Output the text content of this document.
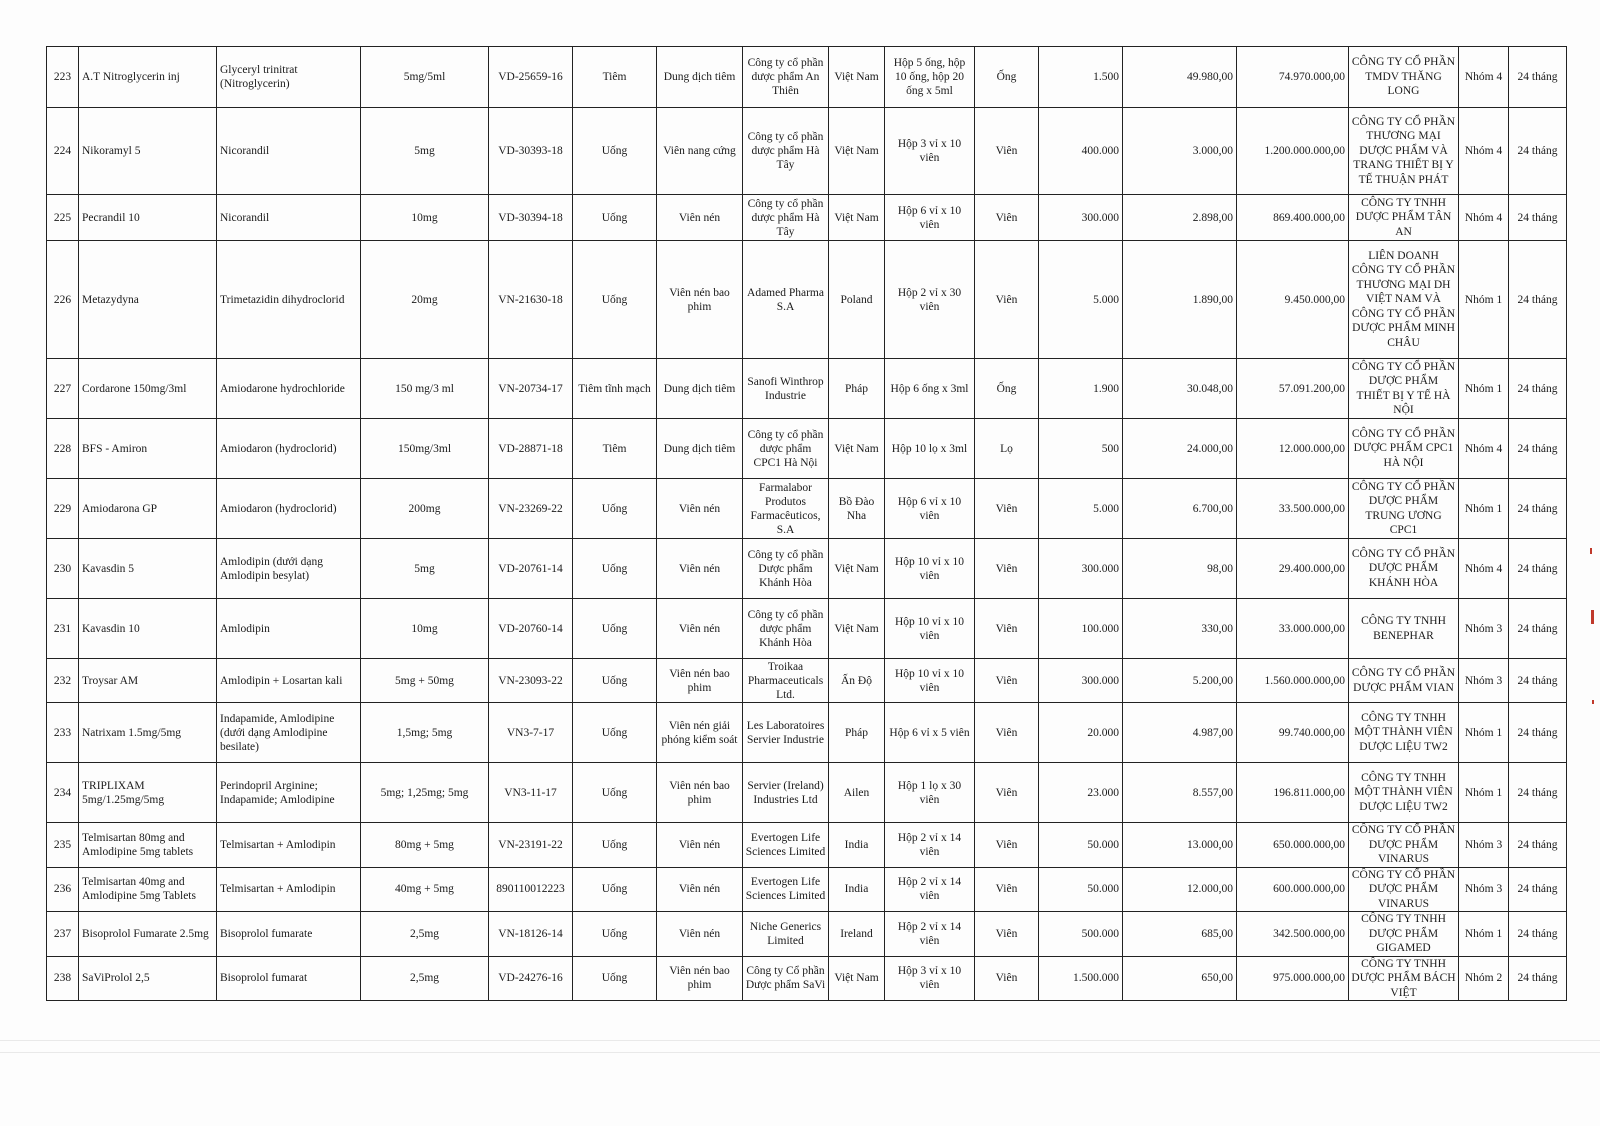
223	A.T Nitroglycerin inj	Glyceryl trinitrat (Nitroglycerin)	5mg/5ml	VD-25659-16	Tiêm	Dung dịch tiêm	Công ty cổ phần dược phẩm An Thiên	Việt Nam	Hộp 5 ống, hộp 10 ống, hộp 20 ống x 5ml	Ống	1.500	49.980,00	74.970.000,00	CÔNG TY CỔ PHẦN TMDV THĂNG LONG	Nhóm 4	24 tháng
224	Nikoramyl 5	Nicorandil	5mg	VD-30393-18	Uống	Viên nang cứng	Công ty cổ phần dược phẩm Hà Tây	Việt Nam	Hộp 3 vỉ x 10 viên	Viên	400.000	3.000,00	1.200.000.000,00	CÔNG TY CỔ PHẦN THƯƠNG MẠI DƯỢC PHẨM VÀ TRANG THIẾT BỊ Y TẾ THUẬN PHÁT	Nhóm 4	24 tháng
225	Pecrandil 10	Nicorandil	10mg	VD-30394-18	Uống	Viên nén	Công ty cổ phần dược phẩm Hà Tây	Việt Nam	Hộp 6 vỉ x 10 viên	Viên	300.000	2.898,00	869.400.000,00	CÔNG TY TNHH DƯỢC PHẨM TÂN AN	Nhóm 4	24 tháng
226	Metazydyna	Trimetazidin dihydroclorid	20mg	VN-21630-18	Uống	Viên nén bao phim	Adamed Pharma S.A	Poland	Hộp 2 vỉ x 30 viên	Viên	5.000	1.890,00	9.450.000,00	LIÊN DOANH CÔNG TY CỔ PHẦN THƯƠNG MẠI DH VIỆT NAM VÀ CÔNG TY CỔ PHẦN DƯỢC PHẨM MINH CHÂU	Nhóm 1	24 tháng
227	Cordarone 150mg/3ml	Amiodarone hydrochloride	150 mg/3 ml	VN-20734-17	Tiêm tĩnh mạch	Dung dịch tiêm	Sanofi Winthrop Industrie	Pháp	Hộp 6 ống x 3ml	Ống	1.900	30.048,00	57.091.200,00	CÔNG TY CỔ PHẦN DƯỢC PHẨM THIẾT BỊ Y TẾ HÀ NỘI	Nhóm 1	24 tháng
228	BFS - Amiron	Amiodaron (hydroclorid)	150mg/3ml	VD-28871-18	Tiêm	Dung dịch tiêm	Công ty cổ phần dược phẩm CPC1 Hà Nội	Việt Nam	Hộp 10 lọ x 3ml	Lọ	500	24.000,00	12.000.000,00	CÔNG TY CỔ PHẦN DƯỢC PHẨM CPC1 HÀ NỘI	Nhóm 4	24 tháng
229	Amiodarona GP	Amiodaron (hydroclorid)	200mg	VN-23269-22	Uống	Viên nén	Farmalabor Produtos Farmacêuticos, S.A	Bồ Đào Nha	Hộp 6 vỉ x 10 viên	Viên	5.000	6.700,00	33.500.000,00	CÔNG TY CỔ PHẦN DƯỢC PHẨM TRUNG ƯƠNG CPC1	Nhóm 1	24 tháng
230	Kavasdin 5	Amlodipin (dưới dạng Amlodipin besylat)	5mg	VD-20761-14	Uống	Viên nén	Công ty cổ phần Dược phẩm Khánh Hòa	Việt Nam	Hộp 10 vỉ x 10 viên	Viên	300.000	98,00	29.400.000,00	CÔNG TY CỔ PHẦN DƯỢC PHẨM KHÁNH HÒA	Nhóm 4	24 tháng
231	Kavasdin 10	Amlodipin	10mg	VD-20760-14	Uống	Viên nén	Công ty cổ phần dược phẩm Khánh Hòa	Việt Nam	Hộp 10 vỉ x 10 viên	Viên	100.000	330,00	33.000.000,00	CÔNG TY TNHH BENEPHAR	Nhóm 3	24 tháng
232	Troysar AM	Amlodipin + Losartan kali	5mg + 50mg	VN-23093-22	Uống	Viên nén bao phim	Troikaa Pharmaceuticals Ltd.	Ấn Độ	Hộp 10 vỉ x 10 viên	Viên	300.000	5.200,00	1.560.000.000,00	CÔNG TY CỔ PHẦN DƯỢC PHẨM VIAN	Nhóm 3	24 tháng
233	Natrixam 1.5mg/5mg	Indapamide, Amlodipine (dưới dạng Amlodipine besilate)	1,5mg; 5mg	VN3-7-17	Uống	Viên nén giải phóng kiểm soát	Les Laboratoires Servier Industrie	Pháp	Hộp 6 vỉ x 5 viên	Viên	20.000	4.987,00	99.740.000,00	CÔNG TY TNHH MỘT THÀNH VIÊN DƯỢC LIỆU TW2	Nhóm 1	24 tháng
234	TRIPLIXAM 5mg/1.25mg/5mg	Perindopril Arginine; Indapamide; Amlodipine	5mg; 1,25mg; 5mg	VN3-11-17	Uống	Viên nén bao phim	Servier (Ireland) Industries Ltd	Ailen	Hộp 1 lọ x 30 viên	Viên	23.000	8.557,00	196.811.000,00	CÔNG TY TNHH MỘT THÀNH VIÊN DƯỢC LIỆU TW2	Nhóm 1	24 tháng
235	Telmisartan 80mg and Amlodipine 5mg tablets	Telmisartan + Amlodipin	80mg + 5mg	VN-23191-22	Uống	Viên nén	Evertogen Life Sciences Limited	India	Hộp 2 vỉ x 14 viên	Viên	50.000	13.000,00	650.000.000,00	CÔNG TY CỔ PHẦN DƯỢC PHẨM VINARUS	Nhóm 3	24 tháng
236	Telmisartan 40mg and Amlodipine 5mg Tablets	Telmisartan + Amlodipin	40mg + 5mg	890110012223	Uống	Viên nén	Evertogen Life Sciences Limited	India	Hộp 2 vỉ x 14 viên	Viên	50.000	12.000,00	600.000.000,00	CÔNG TY CỔ PHẦN DƯỢC PHẨM VINARUS	Nhóm 3	24 tháng
237	Bisoprolol Fumarate 2.5mg	Bisoprolol fumarate	2,5mg	VN-18126-14	Uống	Viên nén	Niche Generics Limited	Ireland	Hộp 2 vỉ x 14 viên	Viên	500.000	685,00	342.500.000,00	CÔNG TY TNHH DƯỢC PHẨM GIGAMED	Nhóm 1	24 tháng
238	SaViProlol 2,5	Bisoprolol fumarat	2,5mg	VD-24276-16	Uống	Viên nén bao phim	Công ty Cổ phần Dược phẩm SaVi	Việt Nam	Hộp 3 vỉ x 10 viên	Viên	1.500.000	650,00	975.000.000,00	CÔNG TY TNHH DƯỢC PHẨM BÁCH VIỆT	Nhóm 2	24 tháng
